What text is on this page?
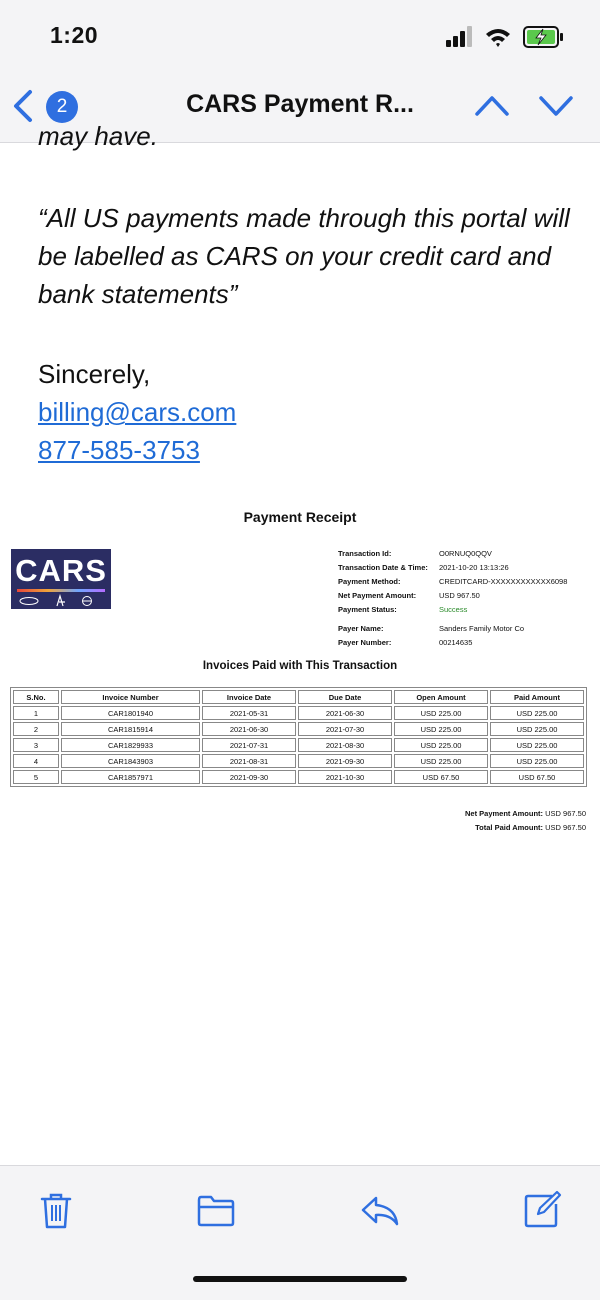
1:20
2	CARS Payment R...
may have.
“All US payments made through this portal will be labelled as CARS on your credit card and bank statements”
Sincerely,
billing@cars.com
877-585-3753
Payment Receipt
CARS	Transaction Id:	O0RNUQ0QQV
Transaction Date & Time: 2021-10-20 13:13:26
Payment Method:	CREDITCARD-XXXXXXXXXXXX6098
Net Payment Amount:	USD 967.50
Payment Status:	Success
Payer Name:	Sanders Family Motor Co
Payer Number:	00214635
Invoices Paid with This Transaction
S.No.	Invoice Number	Invoice Date	Due Date	Open Amount	Paid Amount
1	CAR1801940	2021-05-31	2021-06-30	USD 225.00	USD 225.00
2	CAR1815914	2021-06-30	2021-07-30	USD 225.00	USD 225.00
3	CAR1829933	2021-07-31	2021-08-30	USD 225.00	USD 225.00
4	CAR1843903	2021-08-31	2021-09-30	USD 225.00	USD 225.00
5	CAR1857971	2021-09-30	2021-10-30	USD 67.50	USD 67.50
Net Payment Amount: USD 967.50
Total Paid Amount: USD 967.50
